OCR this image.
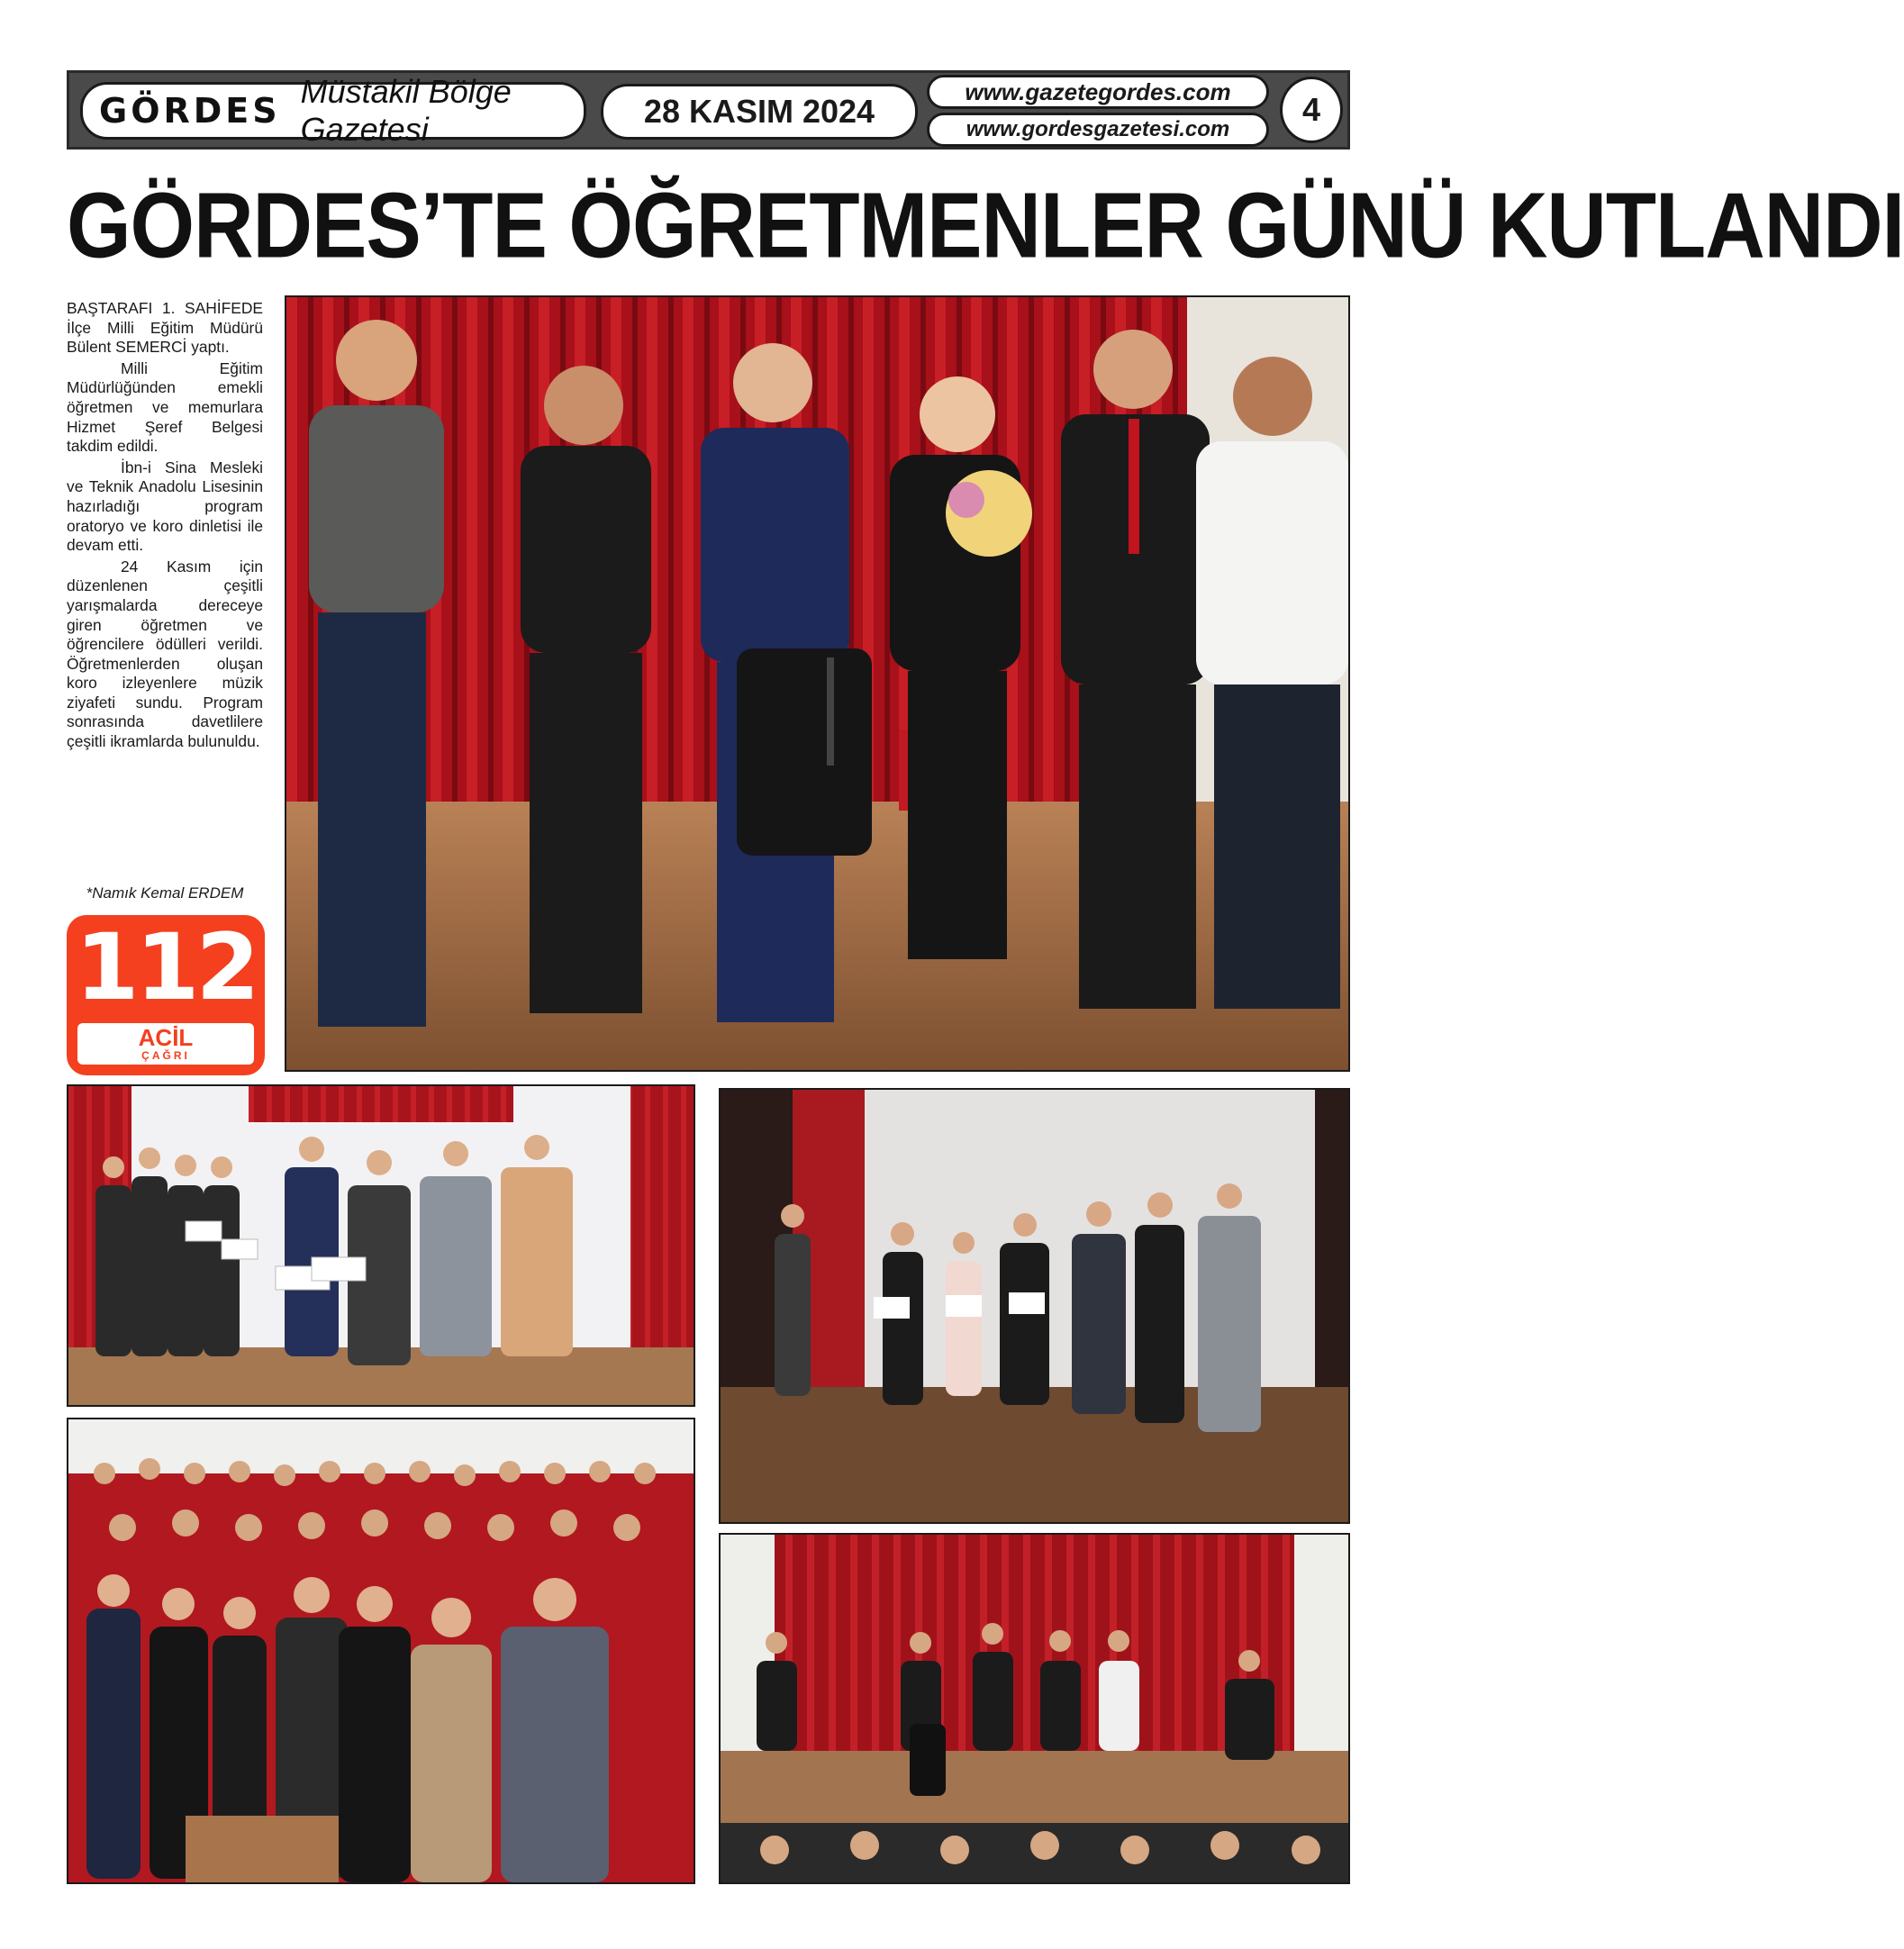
GÖRDES Müstakil Bölge Gazetesi	28 KASIM 2024
www.gazetegordes.com
www.gordesgazetesi.com
4
GÖRDES’TE ÖĞRETMENLER GÜNÜ KUTLANDI

BAŞTARAFI 1. SAHİFEDE İlçe Milli Eğitim Müdürü Bülent SEMERCİ yaptı.

Milli Eğitim Müdürlüğünden emekli öğretmen ve memurlara Hizmet Şeref Belgesi takdim edildi.

İbn-i Sina Mesleki ve Teknik Anadolu Lisesinin hazırladığı program oratoryo ve koro dinletisi ile devam etti.

24 Kasım için düzenlenen çeşitli yarışmalarda dereceye giren öğretmen ve öğrencilere ödülleri verildi. Öğretmenlerden oluşan koro izleyenlere müzik ziyafeti sundu. Program sonrasında davetlilere çeşitli ikramlarda bulunuldu.

*Namık Kemal ERDEM
112
ACİL
ÇAĞRI
